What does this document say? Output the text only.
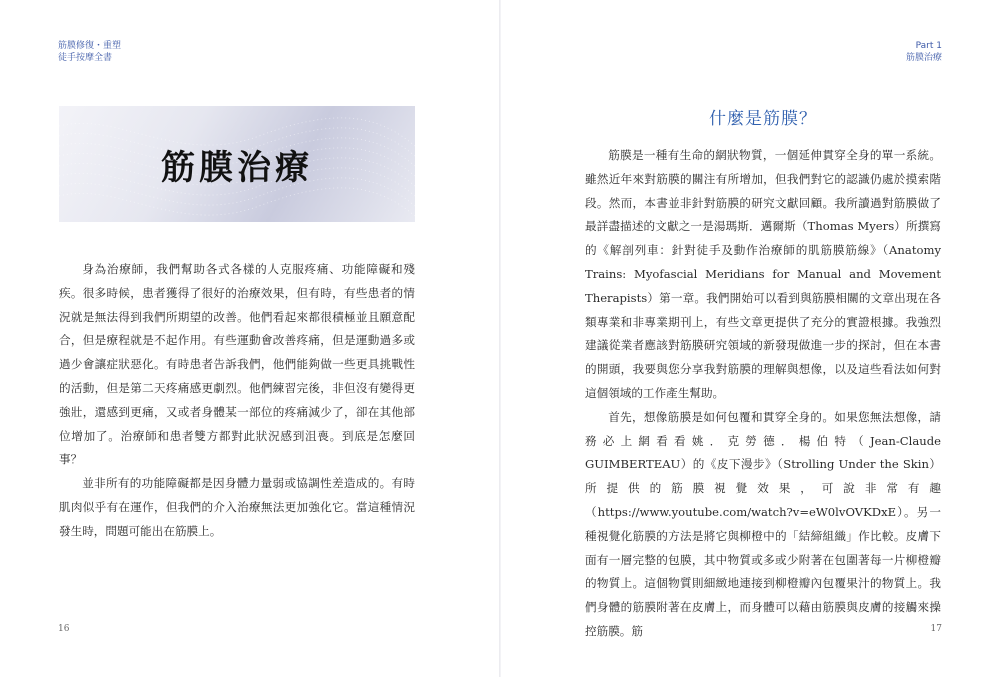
筋膜修復・重塑
徒手按摩全書
筋膜治療

身為治療師，我們幫助各式各樣的人克服疼痛、功能障礙和殘疾。很多時候，患者獲得了很好的治療效果，但有時，有些患者的情況就是無法得到我們所期望的改善。他們看起來都很積極並且願意配合，但是療程就是不起作用。有些運動會改善疼痛，但是運動過多或過少會讓症狀惡化。有時患者告訴我們，他們能夠做一些更具挑戰性的活動，但是第二天疼痛感更劇烈。他們練習完後，非但沒有變得更強壯，還感到更痛，又或者身體某一部位的疼痛減少了，卻在其他部位增加了。治療師和患者雙方都對此狀況感到沮喪。到底是怎麼回事？

並非所有的功能障礙都是因身體力量弱或協調性差造成的。有時肌肉似乎有在運作，但我們的介入治療無法更加強化它。當這種情況發生時，問題可能出在筋膜上。

16
Part 1
筋膜治療
什麼是筋膜？

筋膜是一種有生命的網狀物質，一個延伸貫穿全身的單一系統。雖然近年來對筋膜的關注有所增加，但我們對它的認識仍處於摸索階段。然而，本書並非針對筋膜的研究文獻回顧。我所讀過對筋膜做了最詳盡描述的文獻之一是湯瑪斯．邁爾斯（Thomas Myers）所撰寫的《解剖列車：針對徒手及動作治療師的肌筋膜筋線》（Anatomy Trains: Myofascial Meridians for Manual and Movement Therapists）第一章。我們開始可以看到與筋膜相關的文章出現在各類專業和非專業期刊上，有些文章更提供了充分的實證根據。我強烈建議從業者應該對筋膜研究領域的新發現做進一步的探討，但在本書的開頭，我要與您分享我對筋膜的理解與想像，以及這些看法如何對這個領域的工作產生幫助。

首先，想像筋膜是如何包覆和貫穿全身的。如果您無法想像，請務必上網看看姚．克勞德．楊伯特（Jean-Claude GUIMBERTEAU）的《皮下漫步》（Strolling Under the Skin）所提供的筋膜視覺效果，可說非常有趣（https://www.youtube.com/watch?v=eW0lvOVKDxE）。另一種視覺化筋膜的方法是將它與柳橙中的「結締組織」作比較。皮膚下面有一層完整的包膜，其中物質或多或少附著在包圍著每一片柳橙瓣的物質上。這個物質則細緻地連接到柳橙瓣內包覆果汁的物質上。我們身體的筋膜附著在皮膚上，而身體可以藉由筋膜與皮膚的接觸來操控筋膜。筋	17
